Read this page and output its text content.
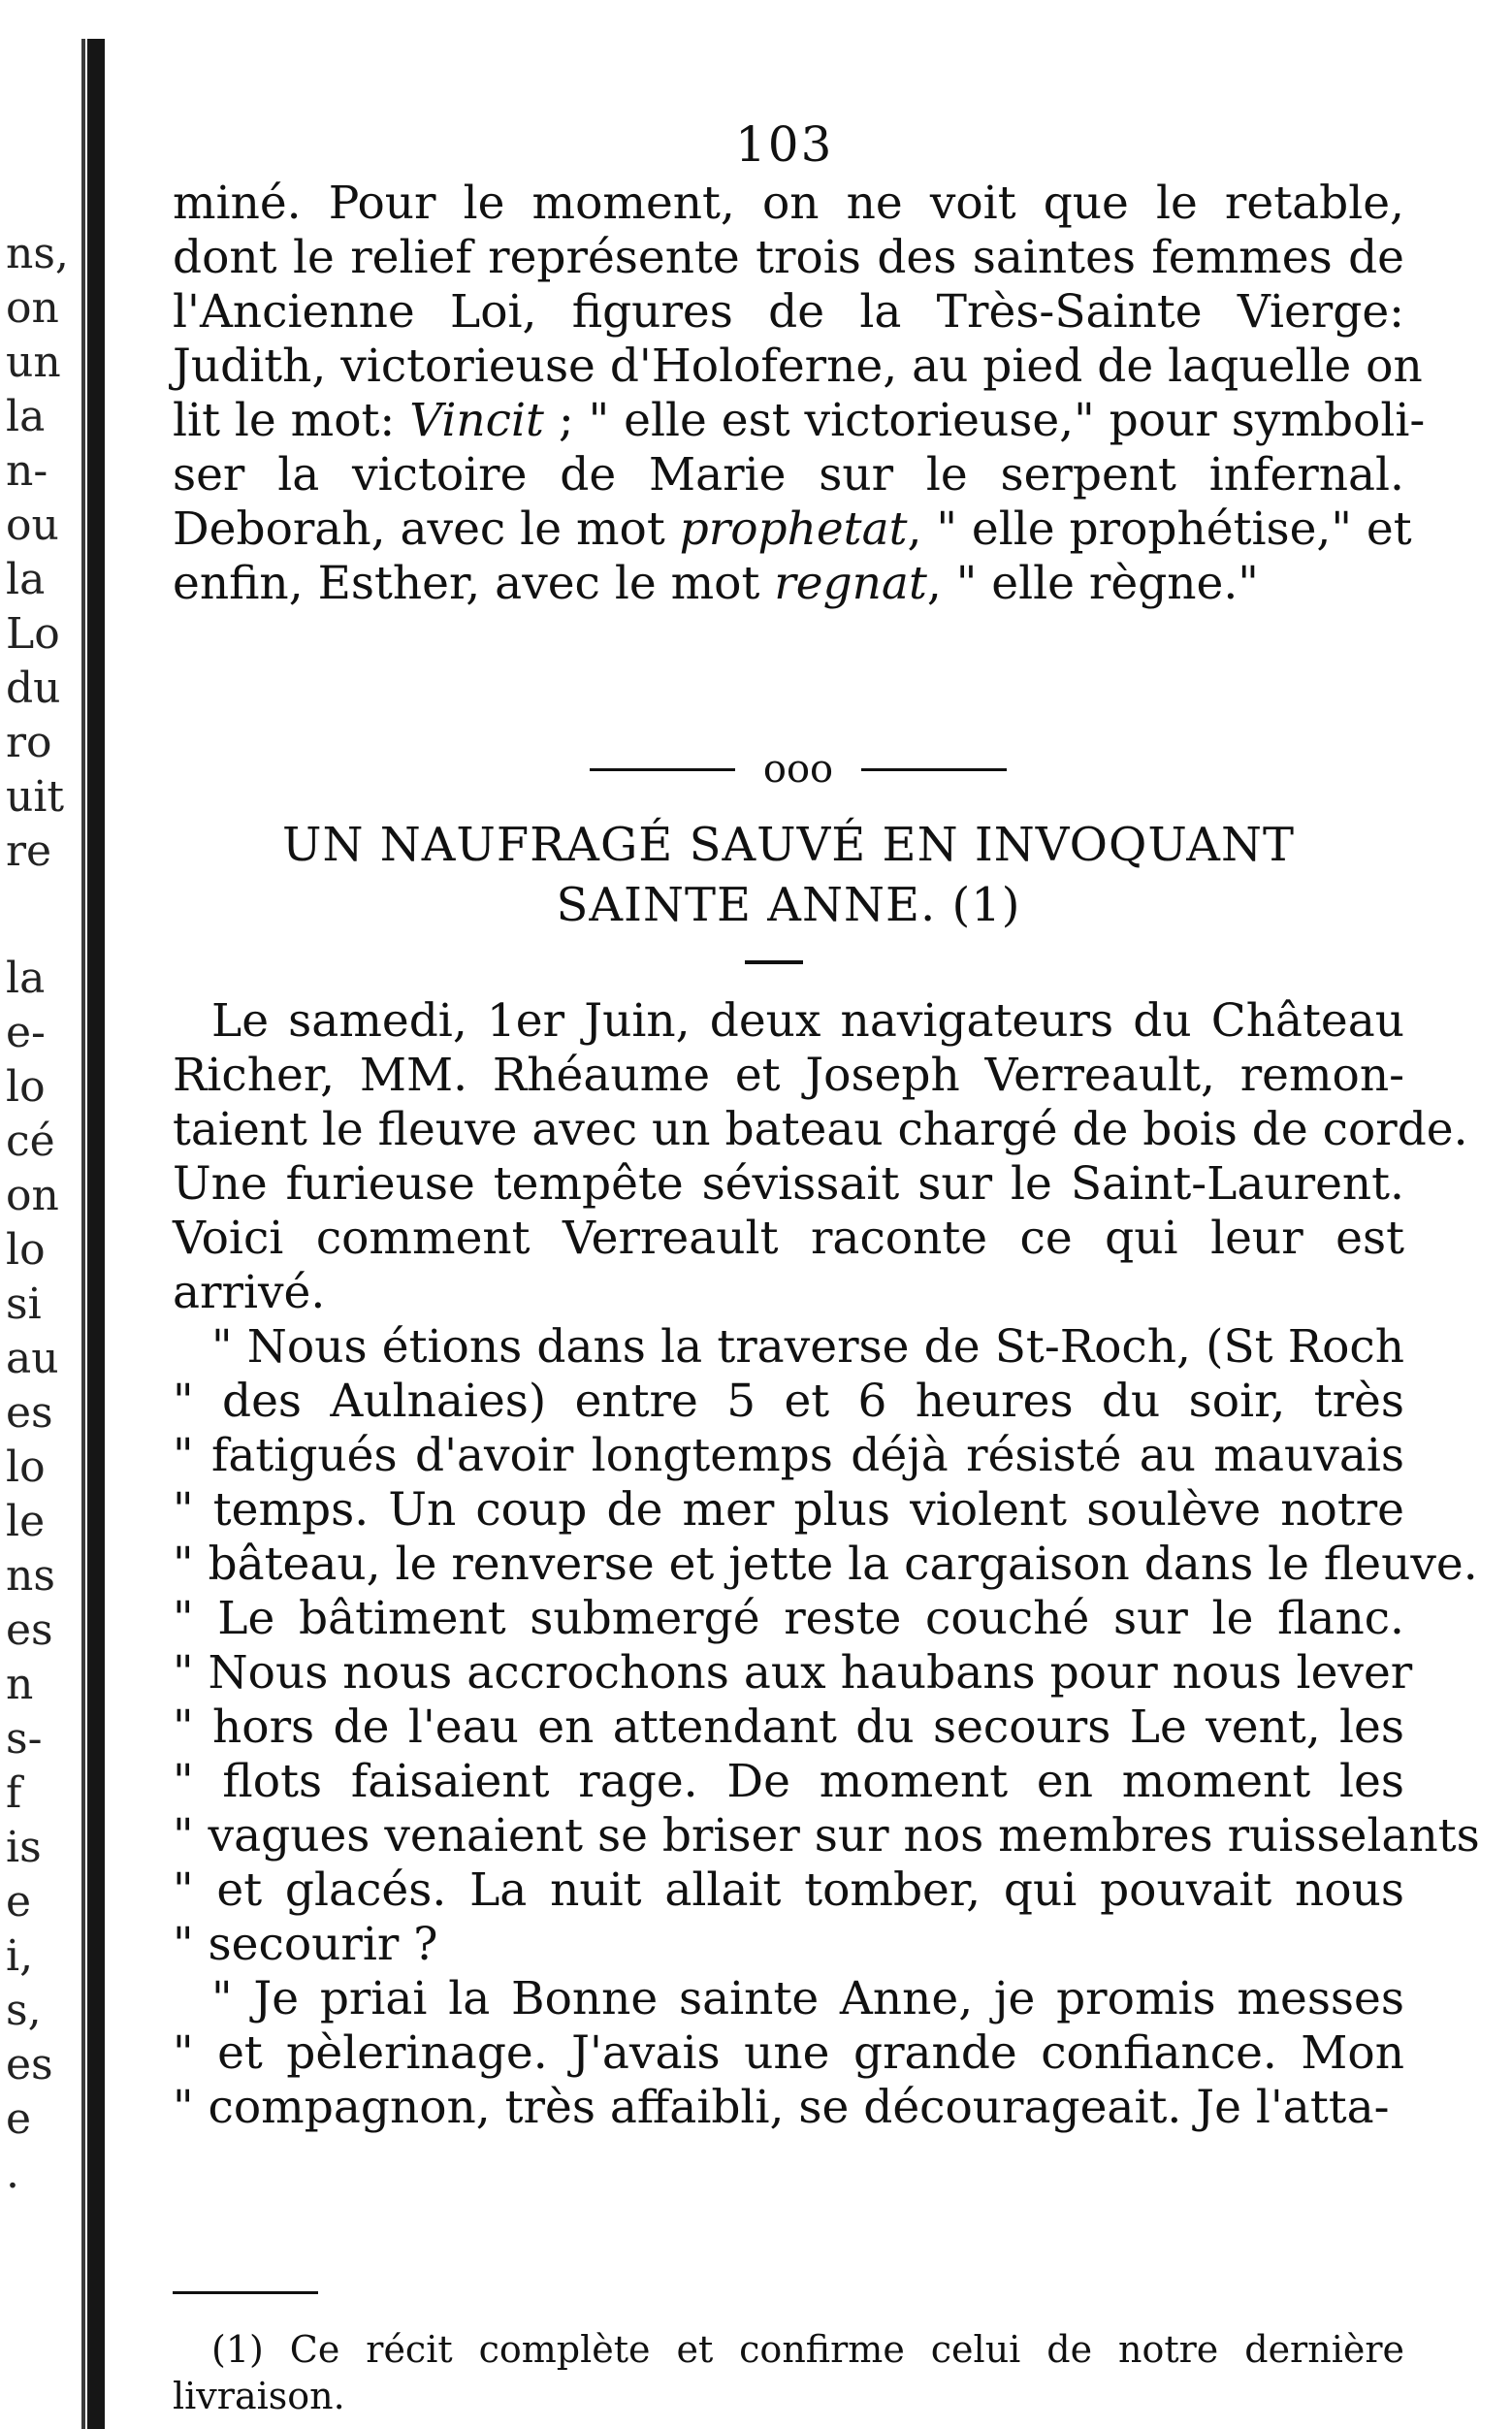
ns,
on
un
la
n-
ou
la
Lo
du
ro
uit
re
la
e-
lo
cé
on
lo
si
au
es
lo
le
ns
es
n
s-
f
is
e
i,
s,
es
e
.
103

miné. Pour le moment, on ne voit que le retable,
dont le relief représente trois des saintes femmes de
l'Ancienne Loi, figures de la Très-Sainte Vierge:
Judith, victorieuse d'Holoferne, au pied de laquelle on
lit le mot: Vincit ; " elle est victorieuse," pour symboli-
ser la victoire de Marie sur le serpent infernal.
Deborah, avec le mot prophetat, " elle prophétise," et
enfin, Esther, avec le mot regnat, " elle règne."

ooo
UN NAUFRAGÉ SAUVÉ EN INVOQUANT
SAINTE ANNE. (1)

Le samedi, 1er Juin, deux navigateurs du Château
Richer, MM. Rhéaume et Joseph Verreault, remon-
taient le fleuve avec un bateau chargé de bois de corde.
Une furieuse tempête sévissait sur le Saint-Laurent.
Voici comment Verreault raconte ce qui leur est
arrivé.

" Nous étions dans la traverse de St-Roch, (St Roch
" des Aulnaies) entre 5 et 6 heures du soir, très
" fatigués d'avoir longtemps déjà résisté au mauvais
" temps. Un coup de mer plus violent soulève notre
" bâteau, le renverse et jette la cargaison dans le fleuve.
" Le bâtiment submergé reste couché sur le flanc.
" Nous nous accrochons aux haubans pour nous lever
" hors de l'eau en attendant du secours Le vent, les
" flots faisaient rage. De moment en moment les
" vagues venaient se briser sur nos membres ruisselants
" et glacés. La nuit allait tomber, qui pouvait nous
" secourir ?

" Je priai la Bonne sainte Anne, je promis messes
" et pèlerinage. J'avais une grande confiance. Mon
" compagnon, très affaibli, se décourageait. Je l'atta-

(1) Ce récit complète et confirme celui de notre dernière
livraison.
